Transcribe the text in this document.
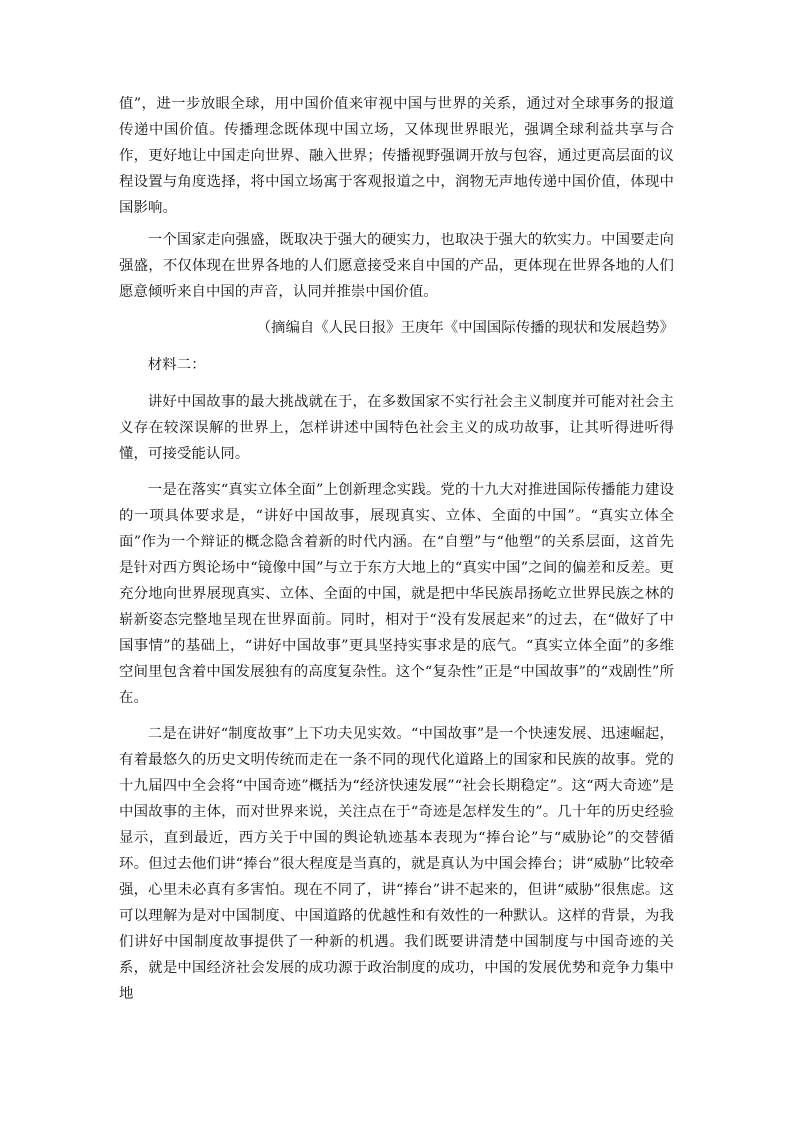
值”，进一步放眼全球，用中国价值来审视中国与世界的关系，通过对全球事务的报道传递中国价值。传播理念既体现中国立场，又体现世界眼光，强调全球利益共享与合作，更好地让中国走向世界、融入世界；传播视野强调开放与包容，通过更高层面的议程设置与角度选择，将中国立场寓于客观报道之中，润物无声地传递中国价值，体现中国影响。

一个国家走向强盛，既取决于强大的硬实力，也取决于强大的软实力。中国要走向强盛，不仅体现在世界各地的人们愿意接受来自中国的产品，更体现在世界各地的人们愿意倾听来自中国的声音，认同并推崇中国价值。

（摘编自《人民日报》王庚年《中国国际传播的现状和发展趋势》

材料二：

讲好中国故事的最大挑战就在于，在多数国家不实行社会主义制度并可能对社会主义存在较深误解的世界上，怎样讲述中国特色社会主义的成功故事，让其听得进听得懂，可接受能认同。

一是在落实“真实立体全面”上创新理念实践。党的十九大对推进国际传播能力建设的一项具体要求是，“讲好中国故事，展现真实、立体、全面的中国”。“真实立体全面”作为一个辩证的概念隐含着新的时代内涵。在“自塑”与“他塑”的关系层面，这首先是针对西方舆论场中“镜像中国”与立于东方大地上的“真实中国”之间的偏差和反差。更充分地向世界展现真实、立体、全面的中国，就是把中华民族昂扬屹立世界民族之林的崭新姿态完整地呈现在世界面前。同时，相对于“没有发展起来”的过去，在“做好了中国事情”的基础上，“讲好中国故事”更具坚持实事求是的底气。“真实立体全面”的多维空间里包含着中国发展独有的高度复杂性。这个“复杂性”正是“中国故事”的“戏剧性”所在。

二是在讲好“制度故事”上下功夫见实效。“中国故事”是一个快速发展、迅速崛起，有着最悠久的历史文明传统而走在一条不同的现代化道路上的国家和民族的故事。党的十九届四中全会将“中国奇迹”概括为“经济快速发展”“社会长期稳定”。这“两大奇迹”是中国故事的主体，而对世界来说，关注点在于“奇迹是怎样发生的”。几十年的历史经验显示，直到最近，西方关于中国的舆论轨迹基本表现为“捧台论”与“威胁论”的交替循环。但过去他们讲“捧台”很大程度是当真的，就是真认为中国会捧台；讲“威胁”比较牵强，心里未必真有多害怕。现在不同了，讲“捧台”讲不起来的，但讲“威胁”很焦虑。这可以理解为是对中国制度、中国道路的优越性和有效性的一种默认。这样的背景，为我们讲好中国制度故事提供了一种新的机遇。我们既要讲清楚中国制度与中国奇迹的关系，就是中国经济社会发展的成功源于政治制度的成功，中国的发展优势和竞争力集中地
